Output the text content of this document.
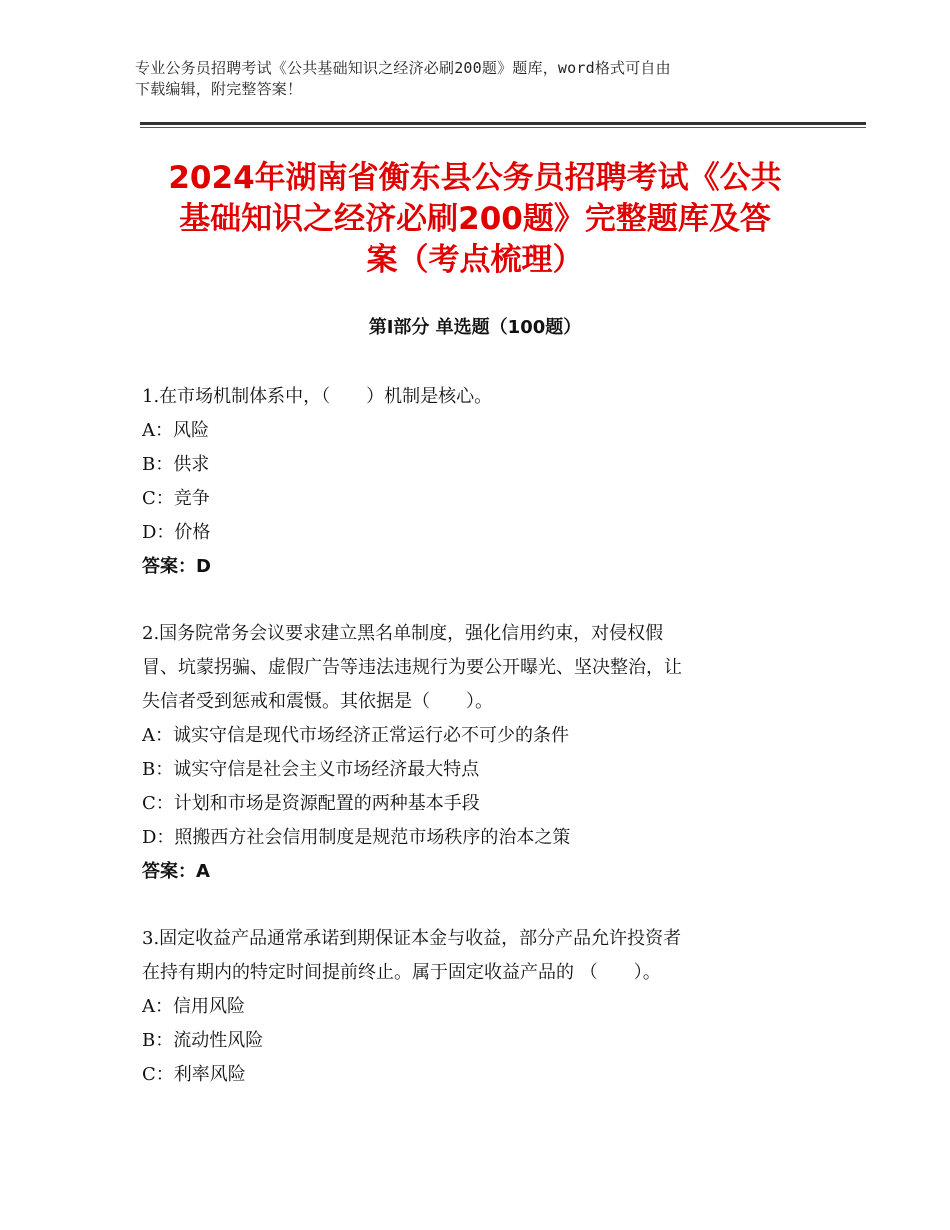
专业公务员招聘考试《公共基础知识之经济必刷200题》题库，word格式可自由
下载编辑，附完整答案！
2024年湖南省衡东县公务员招聘考试《公共
基础知识之经济必刷200题》完整题库及答
案（考点梳理）
第Ⅰ部分 单选题（100题）

1.在市场机制体系中，（　　）机制是核心。

A：风险

B：供求

C：竞争

D：价格

答案：D

2.国务院常务会议要求建立黑名单制度，强化信用约束，对侵权假

冒、坑蒙拐骗、虚假广告等违法违规行为要公开曝光、坚决整治，让

失信者受到惩戒和震慑。其依据是（　　）。

A：诚实守信是现代市场经济正常运行必不可少的条件

B：诚实守信是社会主义市场经济最大特点

C：计划和市场是资源配置的两种基本手段

D：照搬西方社会信用制度是规范市场秩序的治本之策

答案：A

3.固定收益产品通常承诺到期保证本金与收益，部分产品允许投资者

在持有期内的特定时间提前终止。属于固定收益产品的 （　　）。

A：信用风险

B：流动性风险

C：利率风险
